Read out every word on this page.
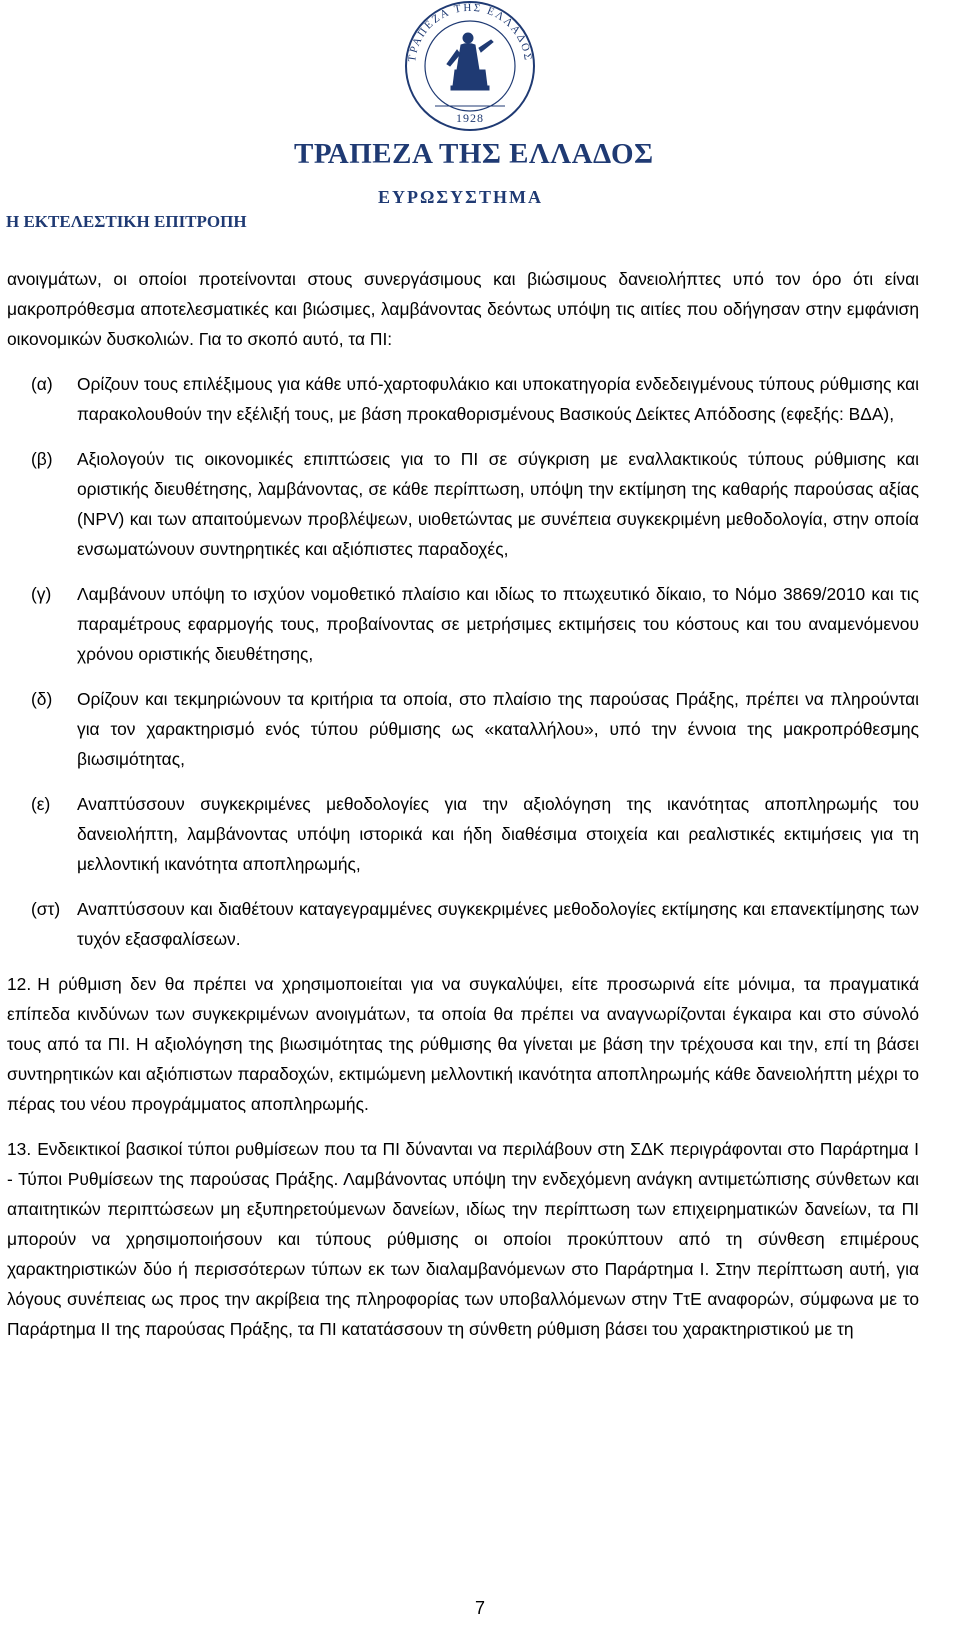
ΤΡΑΠΕΖΑ ΤΗΣ ΕΛΛΑΔΟΣ
1928
ΤΡΑΠΕΖΑ ΤΗΣ ΕΛΛΑΔΟΣ
ΕΥΡΩΣΥΣΤΗΜΑ
Η ΕΚΤΕΛΕΣΤΙΚΗ ΕΠΙΤΡΟΠΗ

ανοιγμάτων, οι οποίοι προτείνονται στους συνεργάσιμους και βιώσιμους δανειολήπτες υπό τον όρο ότι είναι μακροπρόθεσμα αποτελεσματικές και βιώσιμες, λαμβάνοντας δεόντως υπόψη τις αιτίες που οδήγησαν στην εμφάνιση οικονομικών δυσκολιών. Για το σκοπό αυτό, τα ΠΙ:

(α)	Ορίζουν τους επιλέξιμους για κάθε υπό-χαρτοφυλάκιο και υποκατηγορία ενδεδειγμένους τύπους ρύθμισης και παρακολουθούν την εξέλιξή τους, με βάση προκαθορισμένους Βασικούς Δείκτες Απόδοσης (εφεξής: ΒΔΑ),

(β)	Αξιολογούν τις οικονομικές επιπτώσεις για το ΠΙ σε σύγκριση με εναλλακτικούς τύπους ρύθμισης και οριστικής διευθέτησης, λαμβάνοντας, σε κάθε περίπτωση, υπόψη την εκτίμηση της καθαρής παρούσας αξίας (NPV) και των απαιτούμενων προβλέψεων, υιοθετώντας με συνέπεια συγκεκριμένη μεθοδολογία, στην οποία ενσωματώνουν συντηρητικές και αξιόπιστες παραδοχές,

(γ)	Λαμβάνουν υπόψη το ισχύον νομοθετικό πλαίσιο και ιδίως το πτωχευτικό δίκαιο, το Νόμο 3869/2010 και τις παραμέτρους εφαρμογής τους, προβαίνοντας σε μετρήσιμες εκτιμήσεις του κόστους και του αναμενόμενου χρόνου οριστικής διευθέτησης,

(δ)	Ορίζουν και τεκμηριώνουν τα κριτήρια τα οποία, στο πλαίσιο της παρούσας Πράξης, πρέπει να πληρούνται για τον χαρακτηρισμό ενός τύπου ρύθμισης ως «καταλλήλου», υπό την έννοια της μακροπρόθεσμης βιωσιμότητας,

(ε)	Αναπτύσσουν συγκεκριμένες μεθοδολογίες για την αξιολόγηση της ικανότητας αποπληρωμής του δανειολήπτη, λαμβάνοντας υπόψη ιστορικά και ήδη διαθέσιμα στοιχεία και ρεαλιστικές εκτιμήσεις για τη μελλοντική ικανότητα αποπληρωμής,

(στ) Αναπτύσσουν και διαθέτουν καταγεγραμμένες συγκεκριμένες μεθοδολογίες εκτίμησης και επανεκτίμησης των τυχόν εξασφαλίσεων.

12. Η ρύθμιση δεν θα πρέπει να χρησιμοποιείται για να συγκαλύψει, είτε προσωρινά είτε μόνιμα, τα πραγματικά επίπεδα κινδύνων των συγκεκριμένων ανοιγμάτων, τα οποία θα πρέπει να αναγνωρίζονται έγκαιρα και στο σύνολό τους από τα ΠΙ. Η αξιολόγηση της βιωσιμότητας της ρύθμισης θα γίνεται με βάση την τρέχουσα και την, επί τη βάσει συντηρητικών και αξιόπιστων παραδοχών, εκτιμώμενη μελλοντική ικανότητα αποπληρωμής κάθε δανειολήπτη μέχρι το πέρας του νέου προγράμματος αποπληρωμής.

13. Ενδεικτικοί βασικοί τύποι ρυθμίσεων που τα ΠΙ δύνανται να περιλάβουν στη ΣΔΚ περιγράφονται στο Παράρτημα Ι - Τύποι Ρυθμίσεων της παρούσας Πράξης. Λαμβάνοντας υπόψη την ενδεχόμενη ανάγκη αντιμετώπισης σύνθετων και απαιτητικών περιπτώσεων μη εξυπηρετούμενων δανείων, ιδίως την περίπτωση των επιχειρηματικών δανείων, τα ΠΙ μπορούν να χρησιμοποιήσουν και τύπους ρύθμισης οι οποίοι προκύπτουν από τη σύνθεση επιμέρους χαρακτηριστικών δύο ή περισσότερων τύπων εκ των διαλαμβανόμενων στο Παράρτημα Ι. Στην περίπτωση αυτή, για λόγους συνέπειας ως προς την ακρίβεια της πληροφορίας των υποβαλλόμενων στην ΤτΕ αναφορών, σύμφωνα με το Παράρτημα ΙΙ της παρούσας Πράξης, τα ΠΙ κατατάσσουν τη σύνθετη ρύθμιση βάσει του χαρακτηριστικού με τη

7
